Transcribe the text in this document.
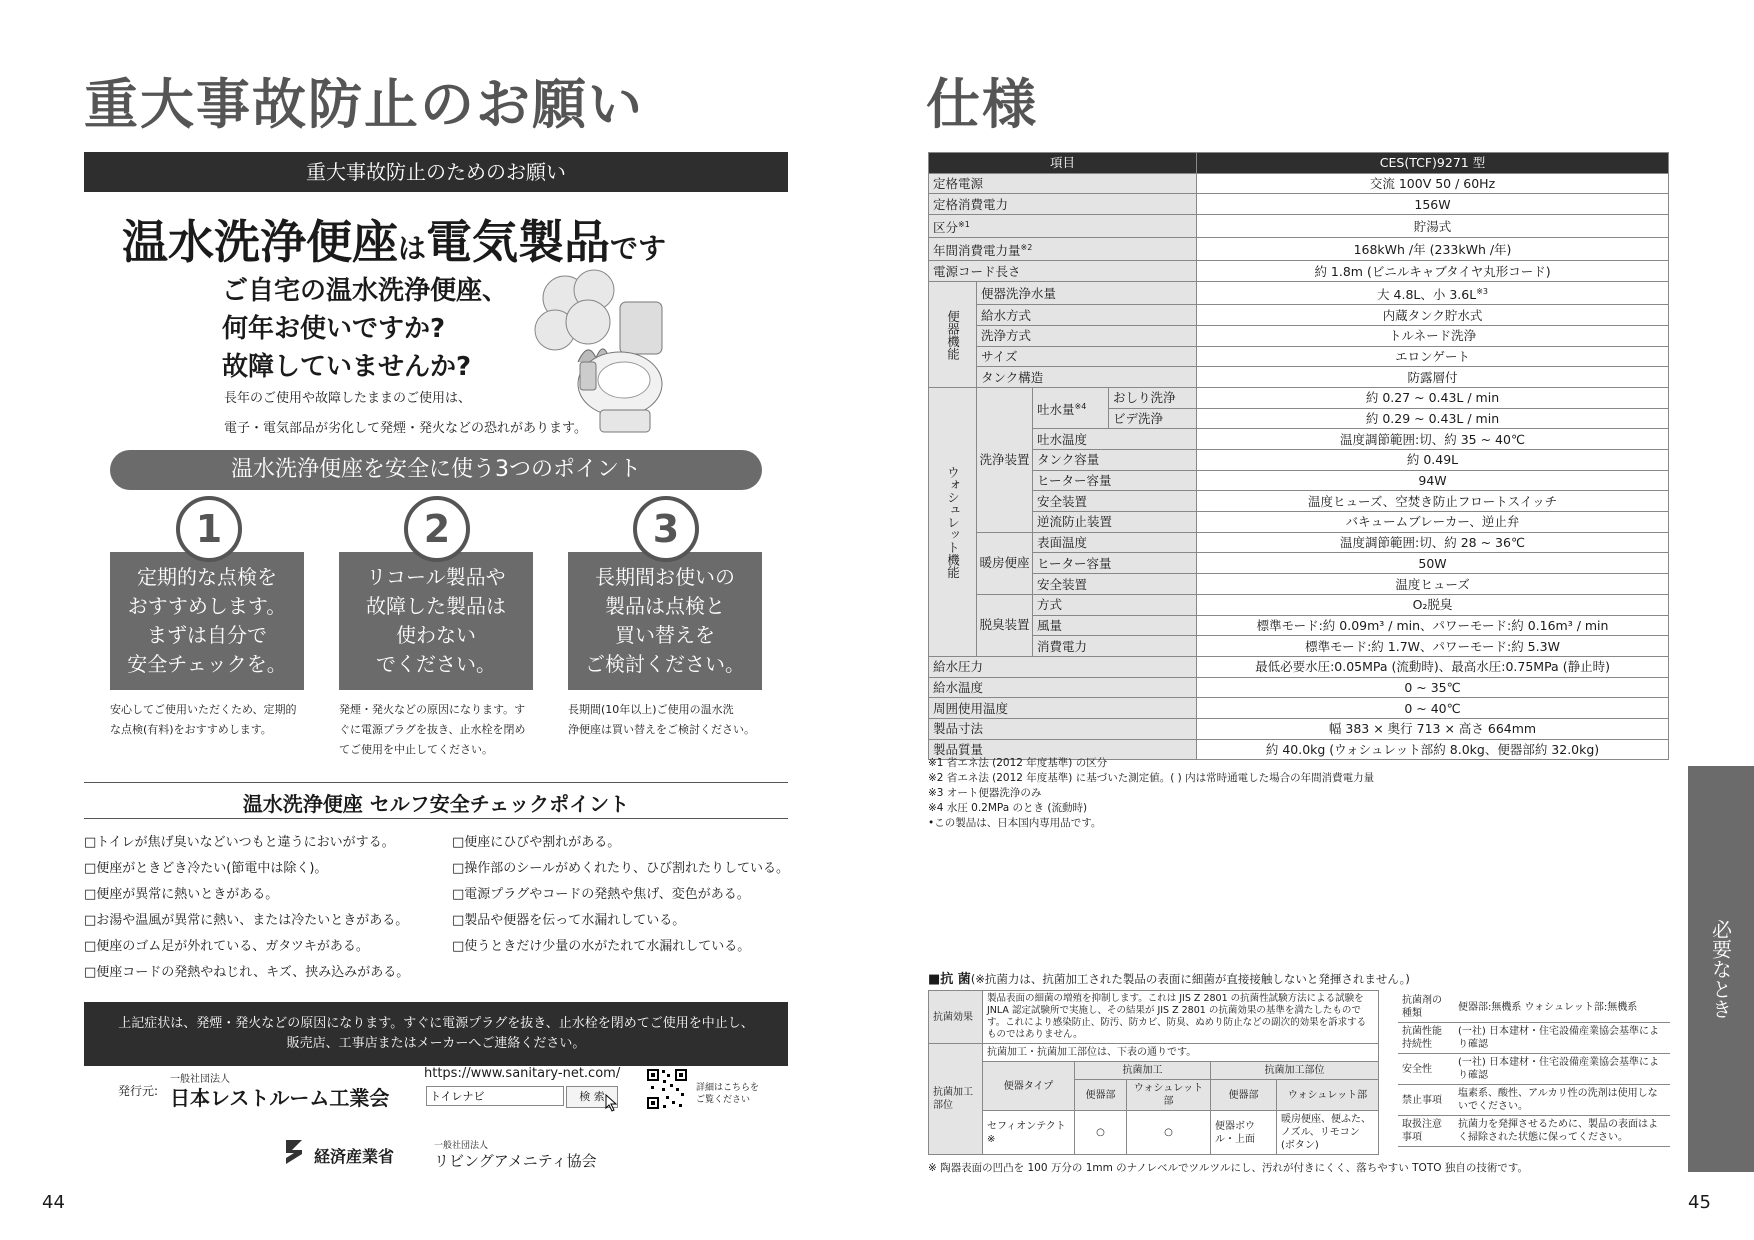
重大事故防止のお願い
重大事故防止のためのお願い
温水洗浄便座は電気製品です
ご自宅の温水洗浄便座、
何年お使いですか?
故障していませんか?
長年のご使用や故障したままのご使用は、
電子・電気部品が劣化して発煙・発火などの恐れがあります。
温水洗浄便座を安全に使う3つのポイント
定期的な点検を
おすすめします。
まずは自分で
安全チェックを。
1
安心してご使用いただくため、定期的
な点検(有料)をおすすめします。
リコール製品や
故障した製品は
使わない
でください。
2
発煙・発火などの原因になります。す
ぐに電源プラグを抜き、止水栓を閉め
てご使用を中止してください。
長期間お使いの
製品は点検と
買い替えを
ご検討ください。
3
長期間(10年以上)ご使用の温水洗
浄便座は買い替えをご検討ください。
温水洗浄便座 セルフ安全チェックポイント
□トイレが焦げ臭いなどいつもと違うにおいがする。
□便座がときどき冷たい(節電中は除く)。
□便座が異常に熱いときがある。
□お湯や温風が異常に熱い、または冷たいときがある。
□便座のゴム足が外れている、ガタツキがある。
□便座コードの発熱やねじれ、キズ、挟み込みがある。
□便座にひびや割れがある。
□操作部のシールがめくれたり、ひび割れたりしている。
□電源プラグやコードの発熱や焦げ、変色がある。
□製品や便器を伝って水漏れしている。
□使うときだけ少量の水がたれて水漏れしている。
上記症状は、発煙・発火などの原因になります。すぐに電源プラグを抜き、止水栓を閉めてご使用を中止し、
販売店、工事店またはメーカーへご連絡ください。
発行元:
一般社団法人
日本レストルーム工業会
https://www.sanitary-net.com/
トイレナビ
検 索
詳細はこちらを
ご覧ください
経済産業省
一般社団法人
リビングアメニティ協会
44
仕様
項目				CES(TCF)9271 型
定格電源				交流 100V 50 / 60Hz
定格消費電力				156W
区分$^{※1}$				貯湯式
年間消費電力量$^{※2}$				168kWh /年 (233kWh /年)
電源コード長さ				約 1.8m (ビニルキャブタイヤ丸形コード)
便器機能	便器洗浄水量			大 4.8L、小 $3.6L^{※3}$
	給水方式			内蔵タンク貯水式
	洗浄方式			トルネード洗浄
	サイズ			エロンゲート
	タンク構造			防露層付
ウォシュレット機能	洗浄装置	吐水量$^{※4}$	おしり洗浄	約 0.27 ~ 0.43L / min
			ビデ洗浄	約 0.29 ~ 0.43L / min
		吐水温度		温度調節範囲:切、約 35 ~ 40℃
		タンク容量		約 0.49L
		ヒーター容量		94W
		安全装置		温度ヒューズ、空焚き防止フロートスイッチ
		逆流防止装置		バキュームブレーカー、逆止弁
	暖房便座	表面温度		温度調節範囲:切、約 28 ~ 36℃
		ヒーター容量		50W
		安全装置		温度ヒューズ
	脱臭装置	方式		O₂脱臭
		風量		標準モード:約 0.09m³ / min、パワーモード:約 0.16m³ / min
		消費電力		標準モード:約 1.7W、パワーモード:約 5.3W
給水圧力				最低必要水圧:0.05MPa (流動時)、最高水圧:0.75MPa (静止時)
給水温度				0 ~ 35℃
周囲使用温度				0 ~ 40℃
製品寸法				幅 383 × 奥行 713 × 高さ 664mm
製品質量				約 40.0kg (ウォシュレット部約 8.0kg、便器部約 32.0kg)
※1 省エネ法 (2012 年度基準) の区分
※2 省エネ法 (2012 年度基準) に基づいた測定値。( ) 内は常時通電した場合の年間消費電力量
※3 オート便器洗浄のみ
※4 水圧 0.2MPa のとき (流動時)
•この製品は、日本国内専用品です。
■抗 菌(※抗菌力は、抗菌加工された製品の表面に細菌が直接接触しないと発揮されません。)
抗菌効果	製品表面の細菌の増殖を抑制します。これは JIS Z 2801 の抗菌性試験方法による試験を JNLA 認定試験所で実施し、その結果が JIS Z 2801 の抗菌効果の基準を満たしたものです。これにより感染防止、防汚、防カビ、防臭、ぬめり防止などの副次的効果を訴求するものではありません。				
抗菌加工部位	抗菌加工・抗菌加工部位は、下表の通りです。				
	便器タイプ	抗菌加工		抗菌加工部位	
		便器部	ウォシュレット部	便器部	ウォシュレット部
	セフィオンテクト※	○	○	便器ボウル・上面	暖房便座、便ふた、ノズル、リモコン (ボタン)
抗菌剤の種類	便器部:無機系 ウォシュレット部:無機系
抗菌性能持続性	(一社) 日本建材・住宅設備産業協会基準により確認
安全性	(一社) 日本建材・住宅設備産業協会基準により確認
禁止事項	塩素系、酸性、アルカリ性の洗剤は使用しないでください。
取扱注意事項	抗菌力を発揮させるために、製品の表面はよく掃除された状態に保ってください。
※ 陶器表面の凹凸を 100 万分の 1mm のナノレベルでツルツルにし、汚れが付きにくく、落ちやすい TOTO 独自の技術です。
必要なとき
45
